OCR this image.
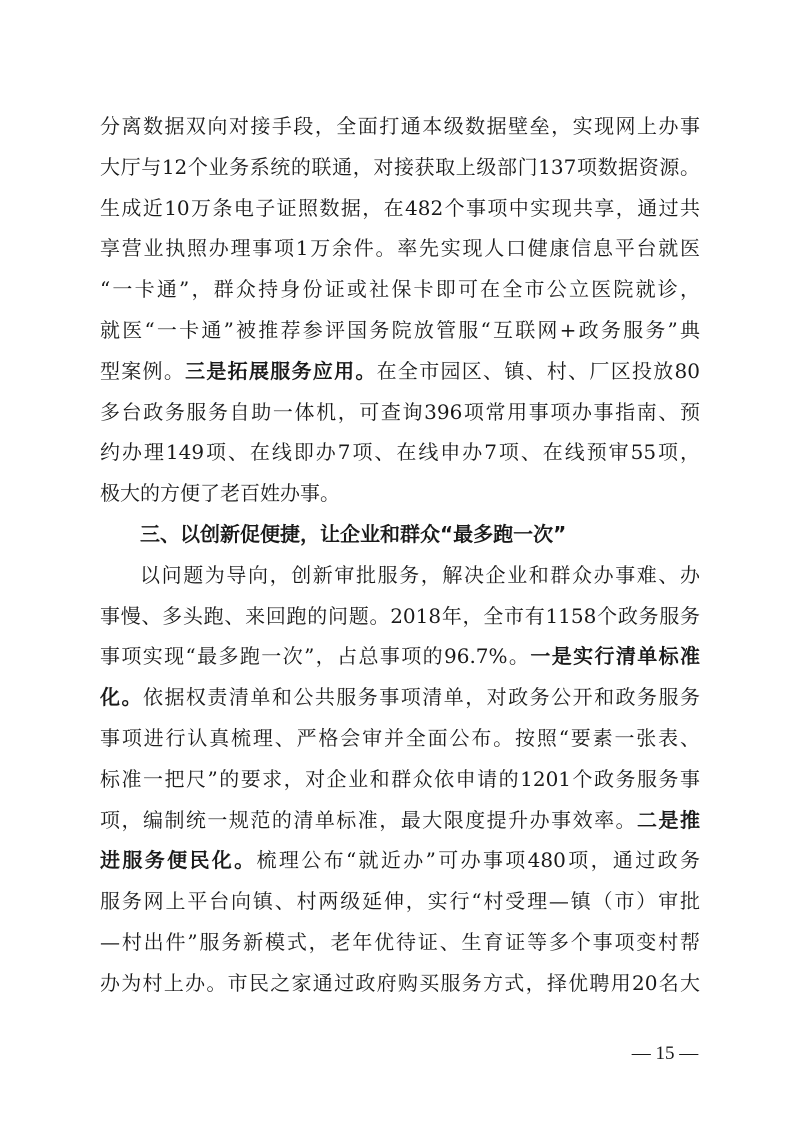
分离数据双向对接手段，全面打通本级数据壁垒，实现网上办事
大厅与12个业务系统的联通，对接获取上级部门137项数据资源。
生成近10万条电子证照数据，在482个事项中实现共享，通过共
享营业执照办理事项1万余件。率先实现人口健康信息平台就医
“一卡通”，群众持身份证或社保卡即可在全市公立医院就诊，
就医“一卡通”被推荐参评国务院放管服“互联网+政务服务”典
型案例。三是拓展服务应用。在全市园区、镇、村、厂区投放80
多台政务服务自助一体机，可查询396项常用事项办事指南、预
约办理149项、在线即办7项、在线申办7项、在线预审55项，
极大的方便了老百姓办事。
三、以创新促便捷，让企业和群众“最多跑一次”
以问题为导向，创新审批服务，解决企业和群众办事难、办
事慢、多头跑、来回跑的问题。2018年，全市有1158个政务服务
事项实现“最多跑一次”，占总事项的96.7%。一是实行清单标准
化。依据权责清单和公共服务事项清单，对政务公开和政务服务
事项进行认真梳理、严格会审并全面公布。按照“要素一张表、
标准一把尺”的要求，对企业和群众依申请的1201个政务服务事
项，编制统一规范的清单标准，最大限度提升办事效率。二是推
进服务便民化。梳理公布“就近办”可办事项480项，通过政务
服务网上平台向镇、村两级延伸，实行“村受理—镇（市）审批
—村出件”服务新模式，老年优待证、生育证等多个事项变村帮
办为村上办。市民之家通过政府购买服务方式，择优聘用20名大
— 15 —
